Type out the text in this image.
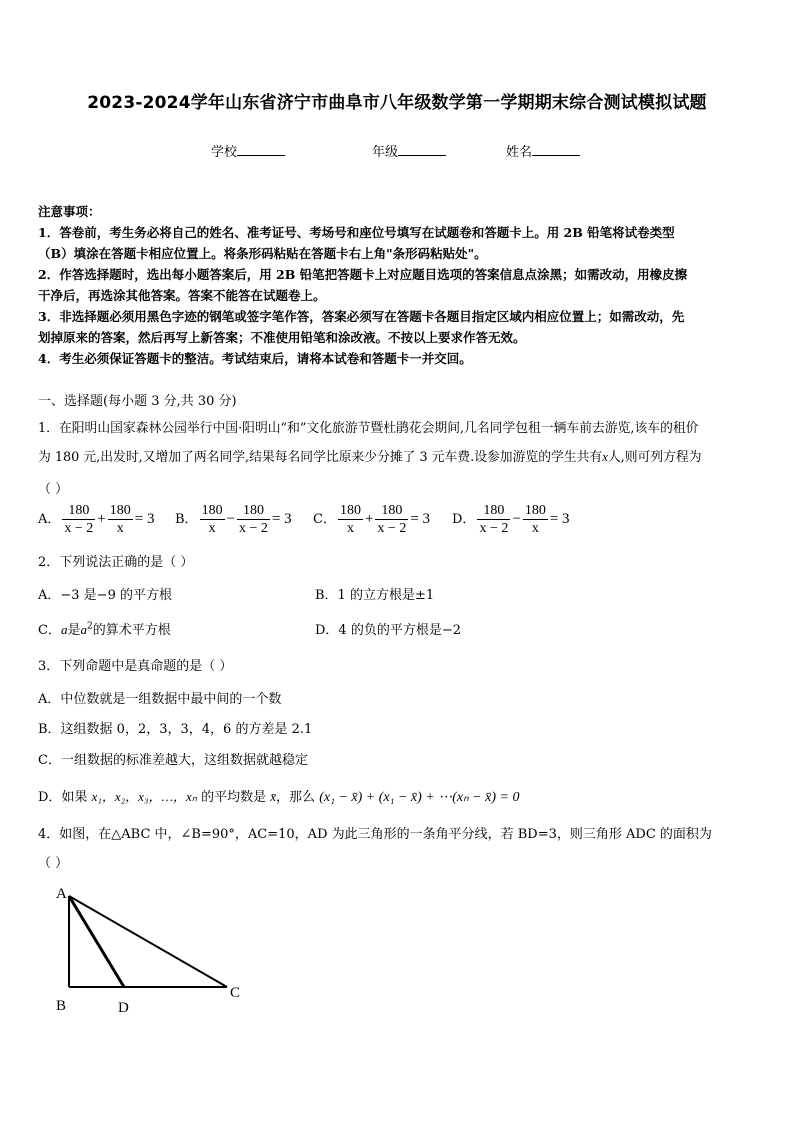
2023-2024学年山东省济宁市曲阜市八年级数学第一学期期末综合测试模拟试题
学校	年级	姓名
注意事项：
1．答卷前，考生务必将自己的姓名、准考证号、考场号和座位号填写在试题卷和答题卡上。用 2B 铅笔将试卷类型
（B）填涂在答题卡相应位置上。将条形码粘贴在答题卡右上角"条形码粘贴处"。
2．作答选择题时，选出每小题答案后，用 2B 铅笔把答题卡上对应题目选项的答案信息点涂黑；如需改动，用橡皮擦
干净后，再选涂其他答案。答案不能答在试题卷上。
3．非选择题必须用黑色字迹的钢笔或签字笔作答，答案必须写在答题卡各题目指定区域内相应位置上；如需改动，先
划掉原来的答案，然后再写上新答案；不准使用铅笔和涂改液。不按以上要求作答无效。
4．考生必须保证答题卡的整洁。考试结束后，请将本试卷和答题卡一并交回。
一、选择题(每小题 3 分,共 30 分)
1．在阳明山国家森林公园举行中国·阳明山“和”文化旅游节暨杜鹃花会期间,几名同学包租一辆车前去游览,该车的租价
为 180 元,出发时,又增加了两名同学,结果每名同学比原来少分摊了 3 元车费.设参加游览的学生共有x人,则可列方程为
（ ）
A． $\frac{180}{x - 2} + \frac{180}{x} = 3$ B． $\frac{180}{x} - \frac{180}{x - 2} = 3$ C． $\frac{180}{x} + \frac{180}{x - 2} = 3$ D． $\frac{180}{x - 2} - \frac{180}{x} = 3$
2．下列说法正确的是（ ）
A．−3 是−9 的平方根	B．1 的立方根是±1
C．a是$a^2$的算术平方根	D．4 的负的平方根是−2
3．下列命题中是真命题的是（ ）
A．中位数就是一组数据中最中间的一个数
B．这组数据 0，2，3，3，4，6 的方差是 2.1
C．一组数据的标准差越大，这组数据就越稳定
D．如果 x₁，x₂，x₃，…，xₙ 的平均数是 x̄，那么 (x₁ − x̄) + (x₁ − x̄) + ⋯(xₙ − x̄) = 0
4．如图，在△ABC 中，∠B=90°，AC=10，AD 为此三角形的一条角平分线，若 BD=3，则三角形 ADC 的面积为
（ ）
A
B	D
C
